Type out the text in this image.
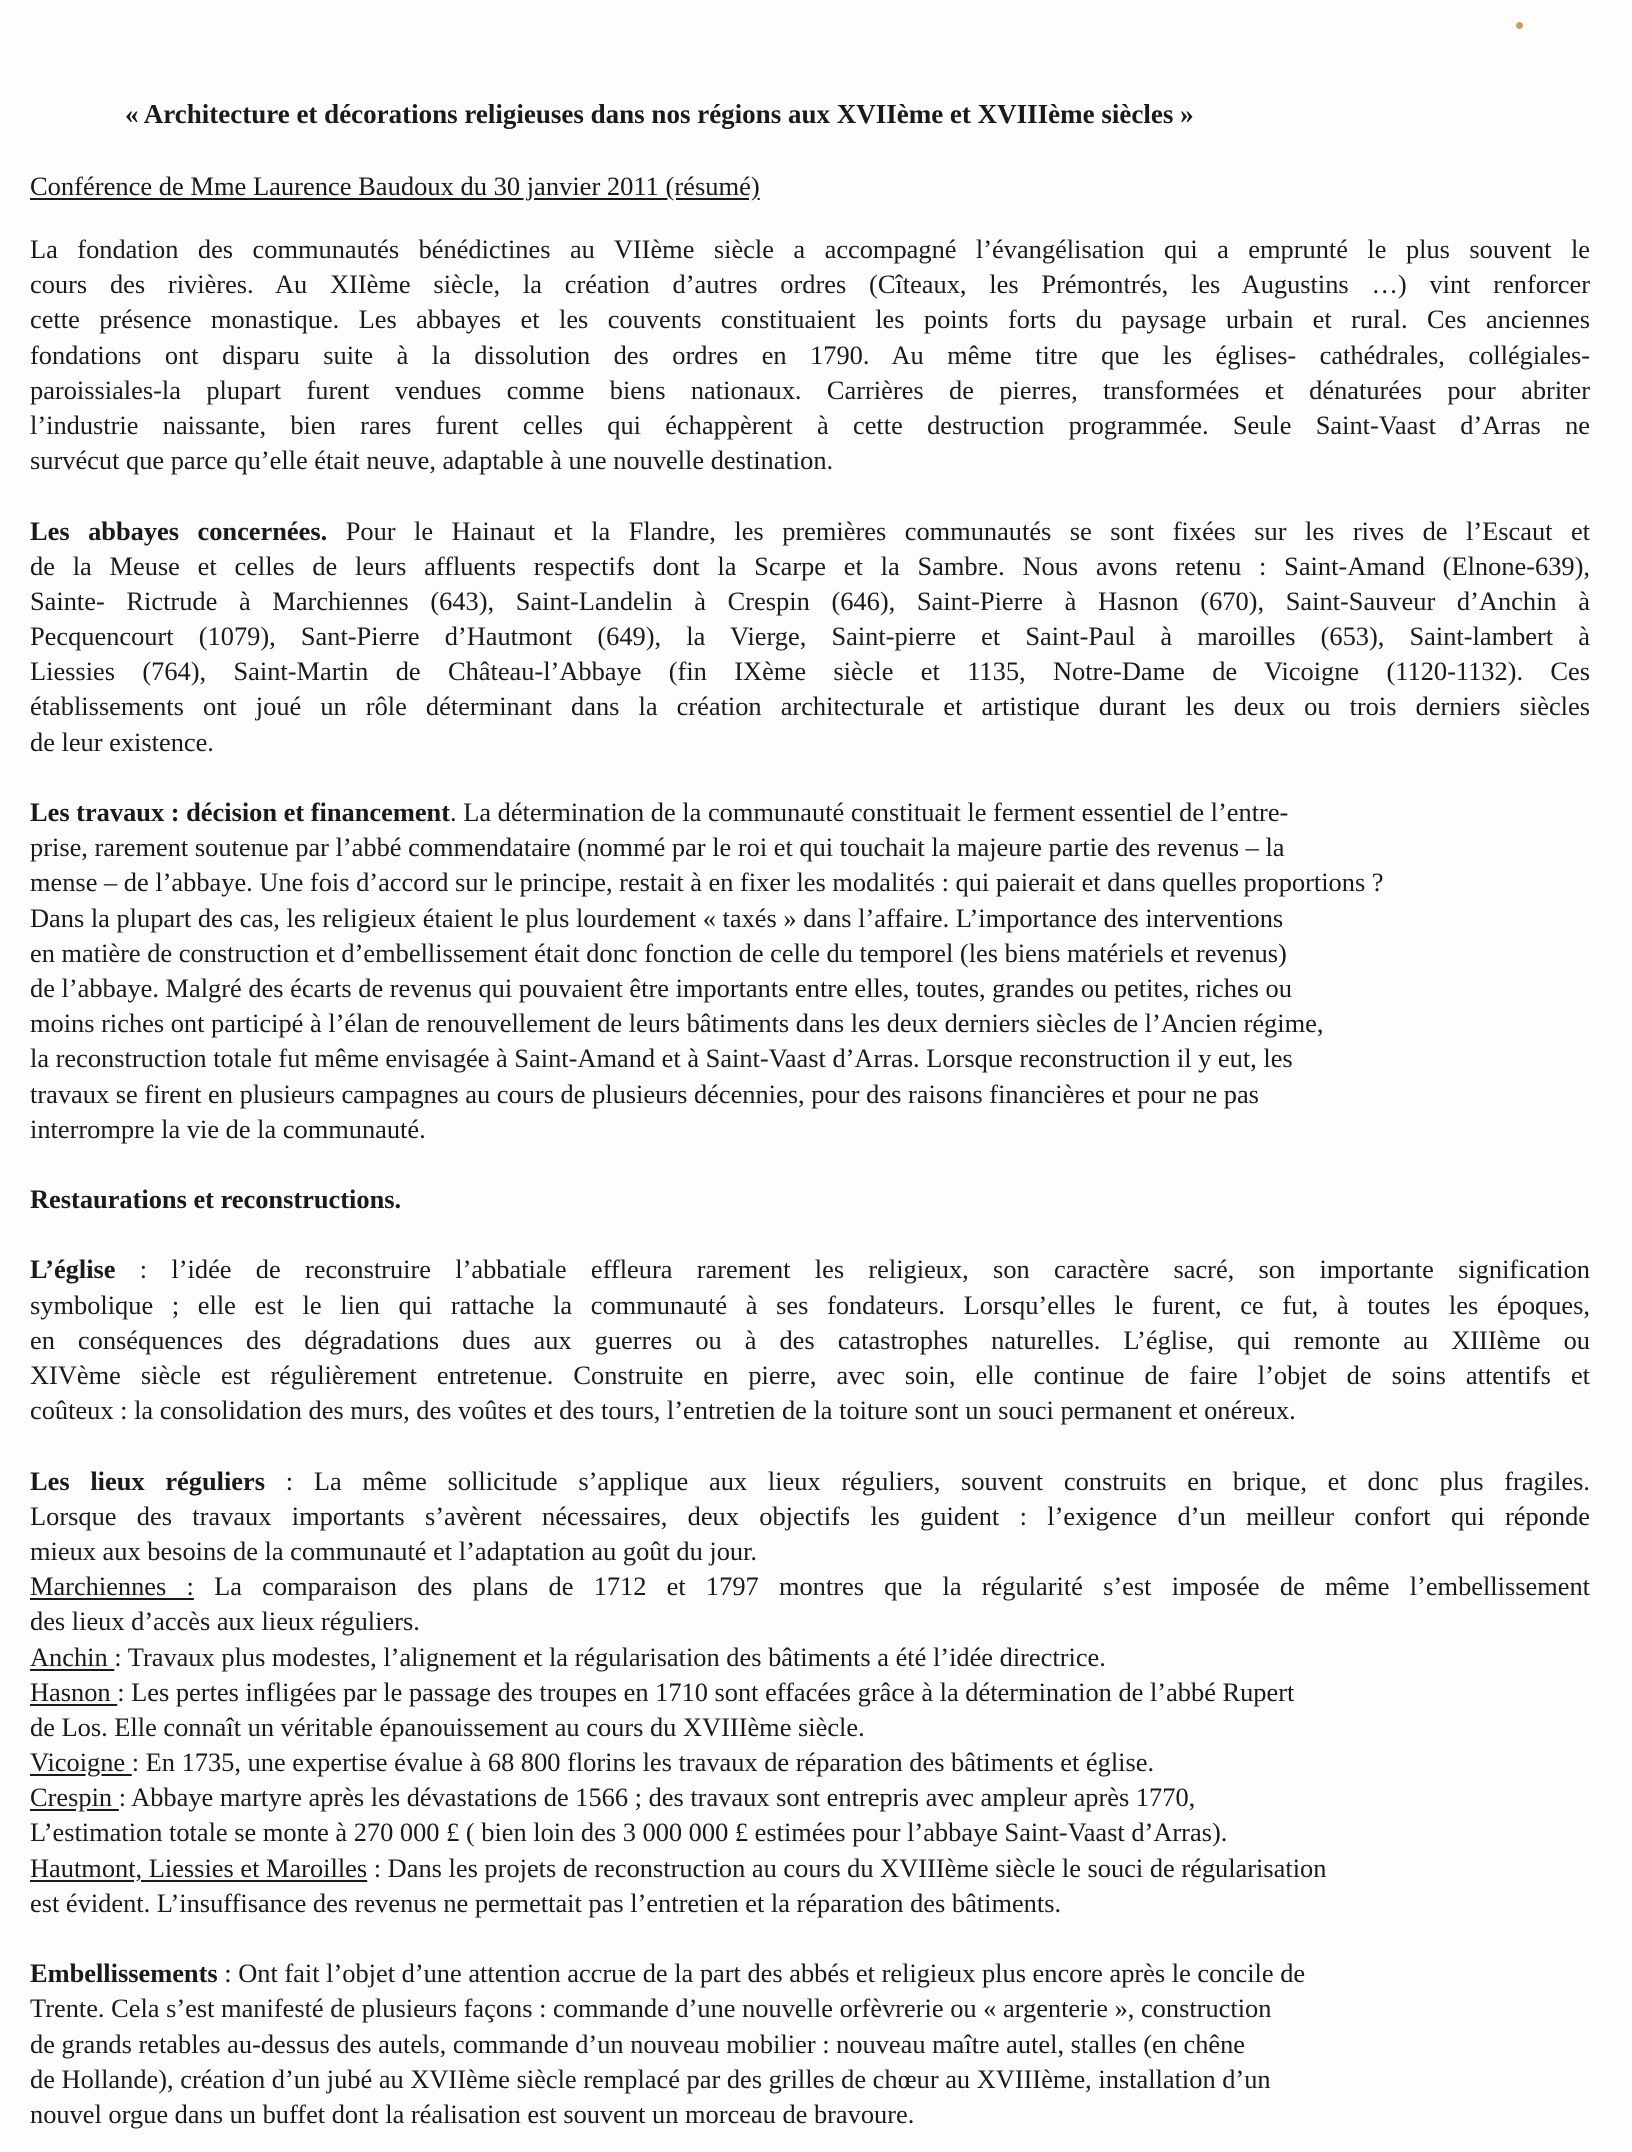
« Architecture et décorations religieuses dans nos régions aux XVIIème et XVIIIème siècles »

Conférence de Mme Laurence Baudoux du 30 janvier 2011 (résumé)

La fondation des communautés bénédictines au VIIème siècle a accompagné l’évangélisation qui a emprunté le plus souvent le
cours des rivières. Au XIIème siècle, la création d’autres ordres (Cîteaux, les Prémontrés, les Augustins …) vint renforcer
cette présence monastique. Les abbayes et les couvents constituaient les points forts du paysage urbain et rural. Ces anciennes
fondations ont disparu suite à la dissolution des ordres en 1790. Au même titre que les églises- cathédrales, collégiales-
paroissiales-la plupart furent vendues comme biens nationaux. Carrières de pierres, transformées et dénaturées pour abriter
l’industrie naissante, bien rares furent celles qui échappèrent à cette destruction programmée. Seule Saint-Vaast d’Arras ne
survécut que parce qu’elle était neuve, adaptable à une nouvelle destination.
Les abbayes concernées. Pour le Hainaut et la Flandre, les premières communautés se sont fixées sur les rives de l’Escaut et
de la Meuse et celles de leurs affluents respectifs dont la Scarpe et la Sambre. Nous avons retenu : Saint-Amand (Elnone-639),
Sainte- Rictrude à Marchiennes (643), Saint-Landelin à Crespin (646), Saint-Pierre à Hasnon (670), Saint-Sauveur d’Anchin à
Pecquencourt (1079), Sant-Pierre d’Hautmont (649), la Vierge, Saint-pierre et Saint-Paul à maroilles (653), Saint-lambert à
Liessies (764), Saint-Martin de Château-l’Abbaye (fin IXème siècle et 1135, Notre-Dame de Vicoigne (1120-1132). Ces
établissements ont joué un rôle déterminant dans la création architecturale et artistique durant les deux ou trois derniers siècles
de leur existence.
Les travaux : décision et financement. La détermination de la communauté constituait le ferment essentiel de l’entre-
prise, rarement soutenue par l’abbé commendataire (nommé par le roi et qui touchait la majeure partie des revenus – la
mense – de l’abbaye. Une fois d’accord sur le principe, restait à en fixer les modalités : qui paierait et dans quelles proportions ?
Dans la plupart des cas, les religieux étaient le plus lourdement « taxés » dans l’affaire. L’importance des interventions
en matière de construction et d’embellissement était donc fonction de celle du temporel (les biens matériels et revenus)
de l’abbaye. Malgré des écarts de revenus qui pouvaient être importants entre elles, toutes, grandes ou petites, riches ou
moins riches ont participé à l’élan de renouvellement de leurs bâtiments dans les deux derniers siècles de l’Ancien régime,
la reconstruction totale fut même envisagée à Saint-Amand et à Saint-Vaast d’Arras. Lorsque reconstruction il y eut, les
travaux se firent en plusieurs campagnes au cours de plusieurs décennies, pour des raisons financières et pour ne pas
interrompre la vie de la communauté.
Restaurations et reconstructions.
L’église : l’idée de reconstruire l’abbatiale effleura rarement les religieux, son caractère sacré, son importante signification
symbolique ; elle est le lien qui rattache la communauté à ses fondateurs. Lorsqu’elles le furent, ce fut, à toutes les époques,
en conséquences des dégradations dues aux guerres ou à des catastrophes naturelles. L’église, qui remonte au XIIIème ou
XIVème siècle est régulièrement entretenue. Construite en pierre, avec soin, elle continue de faire l’objet de soins attentifs et
coûteux : la consolidation des murs, des voûtes et des tours, l’entretien de la toiture sont un souci permanent et onéreux.
Les lieux réguliers : La même sollicitude s’applique aux lieux réguliers, souvent construits en brique, et donc plus fragiles.
Lorsque des travaux importants s’avèrent nécessaires, deux objectifs les guident : l’exigence d’un meilleur confort qui réponde
mieux aux besoins de la communauté et l’adaptation au goût du jour.
Marchiennes : La comparaison des plans de 1712 et 1797 montres que la régularité s’est imposée de même l’embellissement
des lieux d’accès aux lieux réguliers.
Anchin : Travaux plus modestes, l’alignement et la régularisation des bâtiments a été l’idée directrice.
Hasnon : Les pertes infligées par le passage des troupes en 1710 sont effacées grâce à la détermination de l’abbé Rupert
de Los. Elle connaît un véritable épanouissement au cours du XVIIIème siècle.
Vicoigne : En 1735, une expertise évalue à 68 800 florins les travaux de réparation des bâtiments et église.
Crespin : Abbaye martyre après les dévastations de 1566 ; des travaux sont entrepris avec ampleur après 1770,
L’estimation totale se monte à 270 000 £ ( bien loin des 3 000 000 £ estimées pour l’abbaye Saint-Vaast d’Arras).
Hautmont, Liessies et Maroilles : Dans les projets de reconstruction au cours du XVIIIème siècle le souci de régularisation
est évident. L’insuffisance des revenus ne permettait pas l’entretien et la réparation des bâtiments.
Embellissements : Ont fait l’objet d’une attention accrue de la part des abbés et religieux plus encore après le concile de
Trente. Cela s’est manifesté de plusieurs façons : commande d’une nouvelle orfèvrerie ou « argenterie », construction
de grands retables au-dessus des autels, commande d’un nouveau mobilier : nouveau maître autel, stalles (en chêne
de Hollande), création d’un jubé au XVIIème siècle remplacé par des grilles de chœur au XVIIIème, installation d’un
nouvel orgue dans un buffet dont la réalisation est souvent un morceau de bravoure.
